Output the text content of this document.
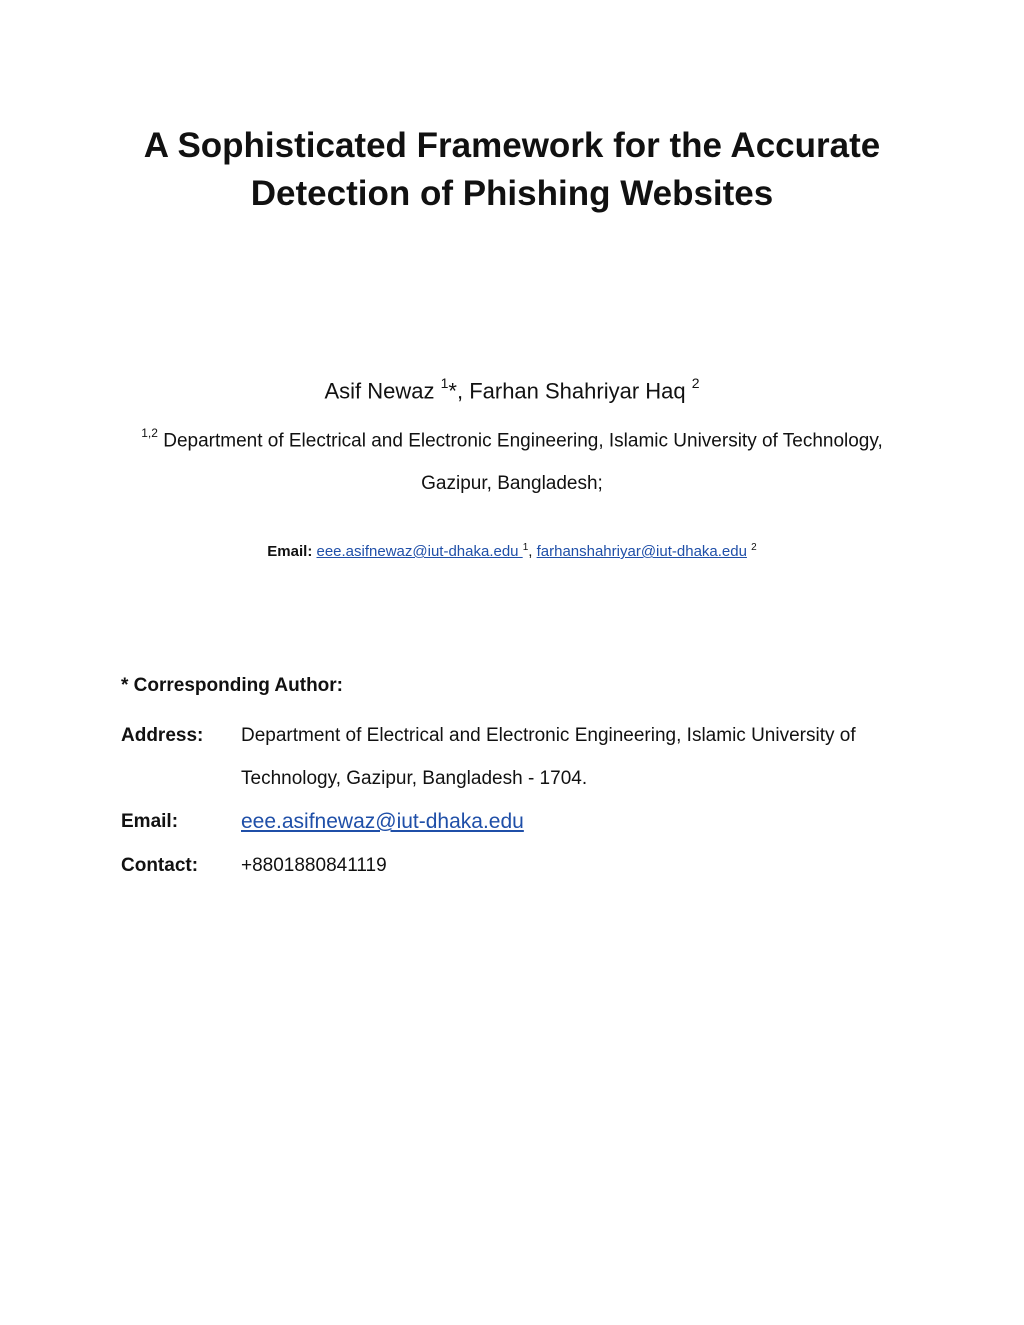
A Sophisticated Framework for the Accurate
Detection of Phishing Websites
Asif Newaz $^1$*, Farhan Shahriyar Haq $^2$
$^{1,2}$ Department of Electrical and Electronic Engineering, Islamic University of Technology, Gazipur, Bangladesh;
Email: eee.asifnewaz@iut-dhaka.edu $^1$, farhanshahriyar@iut-dhaka.edu $^2$
* Corresponding Author:
Address:	Department of Electrical and Electronic Engineering, Islamic University of Technology, Gazipur, Bangladesh - 1704.
Email:	eee.asifnewaz@iut-dhaka.edu
Contact:	+8801880841119
